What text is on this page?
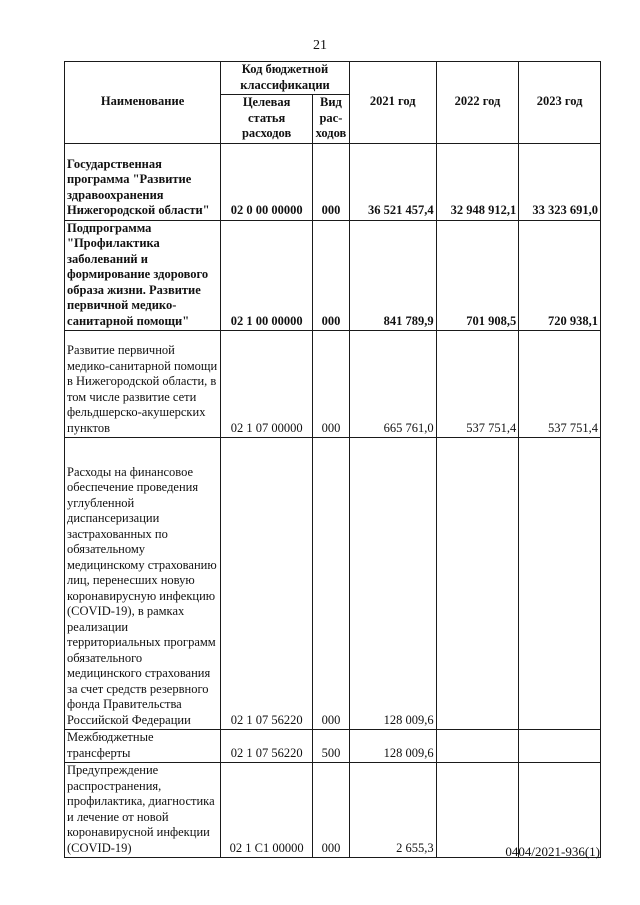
21
Наименование	Код бюджетной классификации		2021 год	2022 год	2023 год
	Целевая статья расходов	Вид рас-ходов			
Государственная программа "Развитие здравоохранения Нижегородской области"	02 0 00 00000	000	36 521 457,4	32 948 912,1	33 323 691,0
Подпрограмма "Профилактика заболеваний и формирование здорового образа жизни. Развитие первичной медико-санитарной помощи"	02 1 00 00000	000	841 789,9	701 908,5	720 938,1
Развитие первичной медико-санитарной помощи в Нижегородской области, в том числе развитие сети фельдшерско-акушерских пунктов	02 1 07 00000	000	665 761,0	537 751,4	537 751,4
Расходы на финансовое обеспечение проведения углубленной диспансеризации застрахованных по обязательному медицинскому страхованию лиц, перенесших новую коронавирусную инфекцию (COVID-19), в рамках реализации территориальных программ обязательного медицинского страхования за счет средств резервного фонда Правительства Российской Федерации	02 1 07 56220	000	128 009,6		
Межбюджетные трансферты	02 1 07 56220	500	128 009,6		
Предупреждение распространения, профилактика, диагностика и лечение от новой коронавирусной инфекции (COVID-19)	02 1 C1 00000	000	2 655,3			0404/2021-936(1)
